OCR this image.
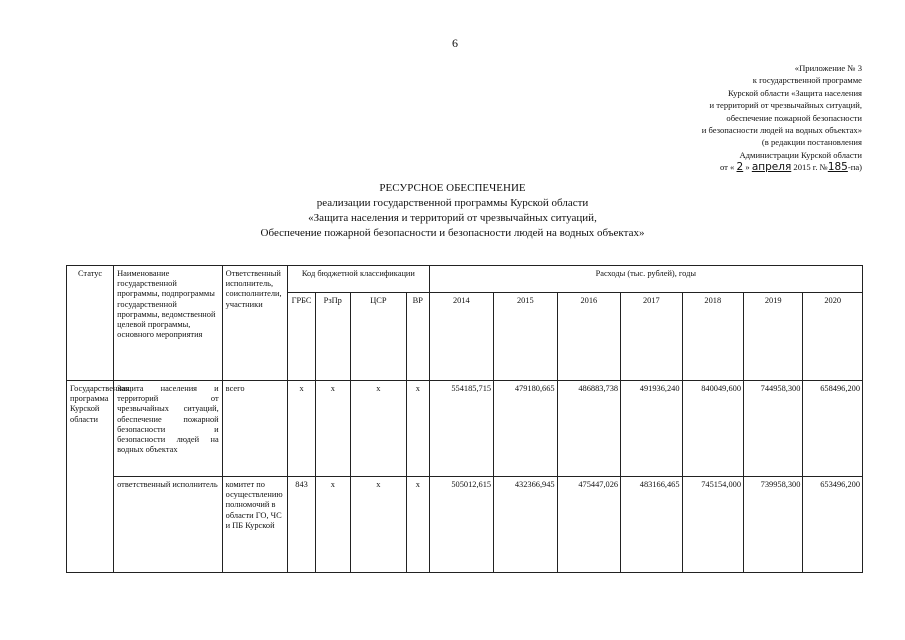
6
«Приложение № 3
к государственной программе
Курской области «Защита населения
и территорий от чрезвычайных ситуаций,
обеспечение пожарной безопасности
и безопасности людей на водных объектах»
(в редакции постановления
Администрации Курской области
от « 2 » апреля 2015 г. №185-па)
РЕСУРСНОЕ ОБЕСПЕЧЕНИЕ
реализации государственной программы Курской области
«Защита населения и территорий от чрезвычайных ситуаций,
Обеспечение пожарной безопасности и безопасности людей на водных объектах»
Статус	Наименование государственной программы, подпрограммы государственной программы, ведомственной целевой программы, основного мероприятия	Ответственный исполнитель, соисполнители, участники	Код бюджетной классификации				Расходы (тыс. рублей), годы						
			ГРБС	РзПр	ЦСР	ВР	2014	2015	2016	2017	2018	2019	2020
Государственная программа Курской области	Защита населения и территорий от чрезвычайных ситуаций, обеспечение пожарной безопасности и безопасности людей на водных объектах	всего	х	х	х	х	554185,715	479180,665	486883,738	491936,240	840049,600	744958,300	658496,200
	ответственный исполнитель	комитет по осуществлению полномочий в области ГО, ЧС и ПБ Курской	843	х	х	х	505012,615	432366,945	475447,026	483166,465	745154,000	739958,300	653496,200
